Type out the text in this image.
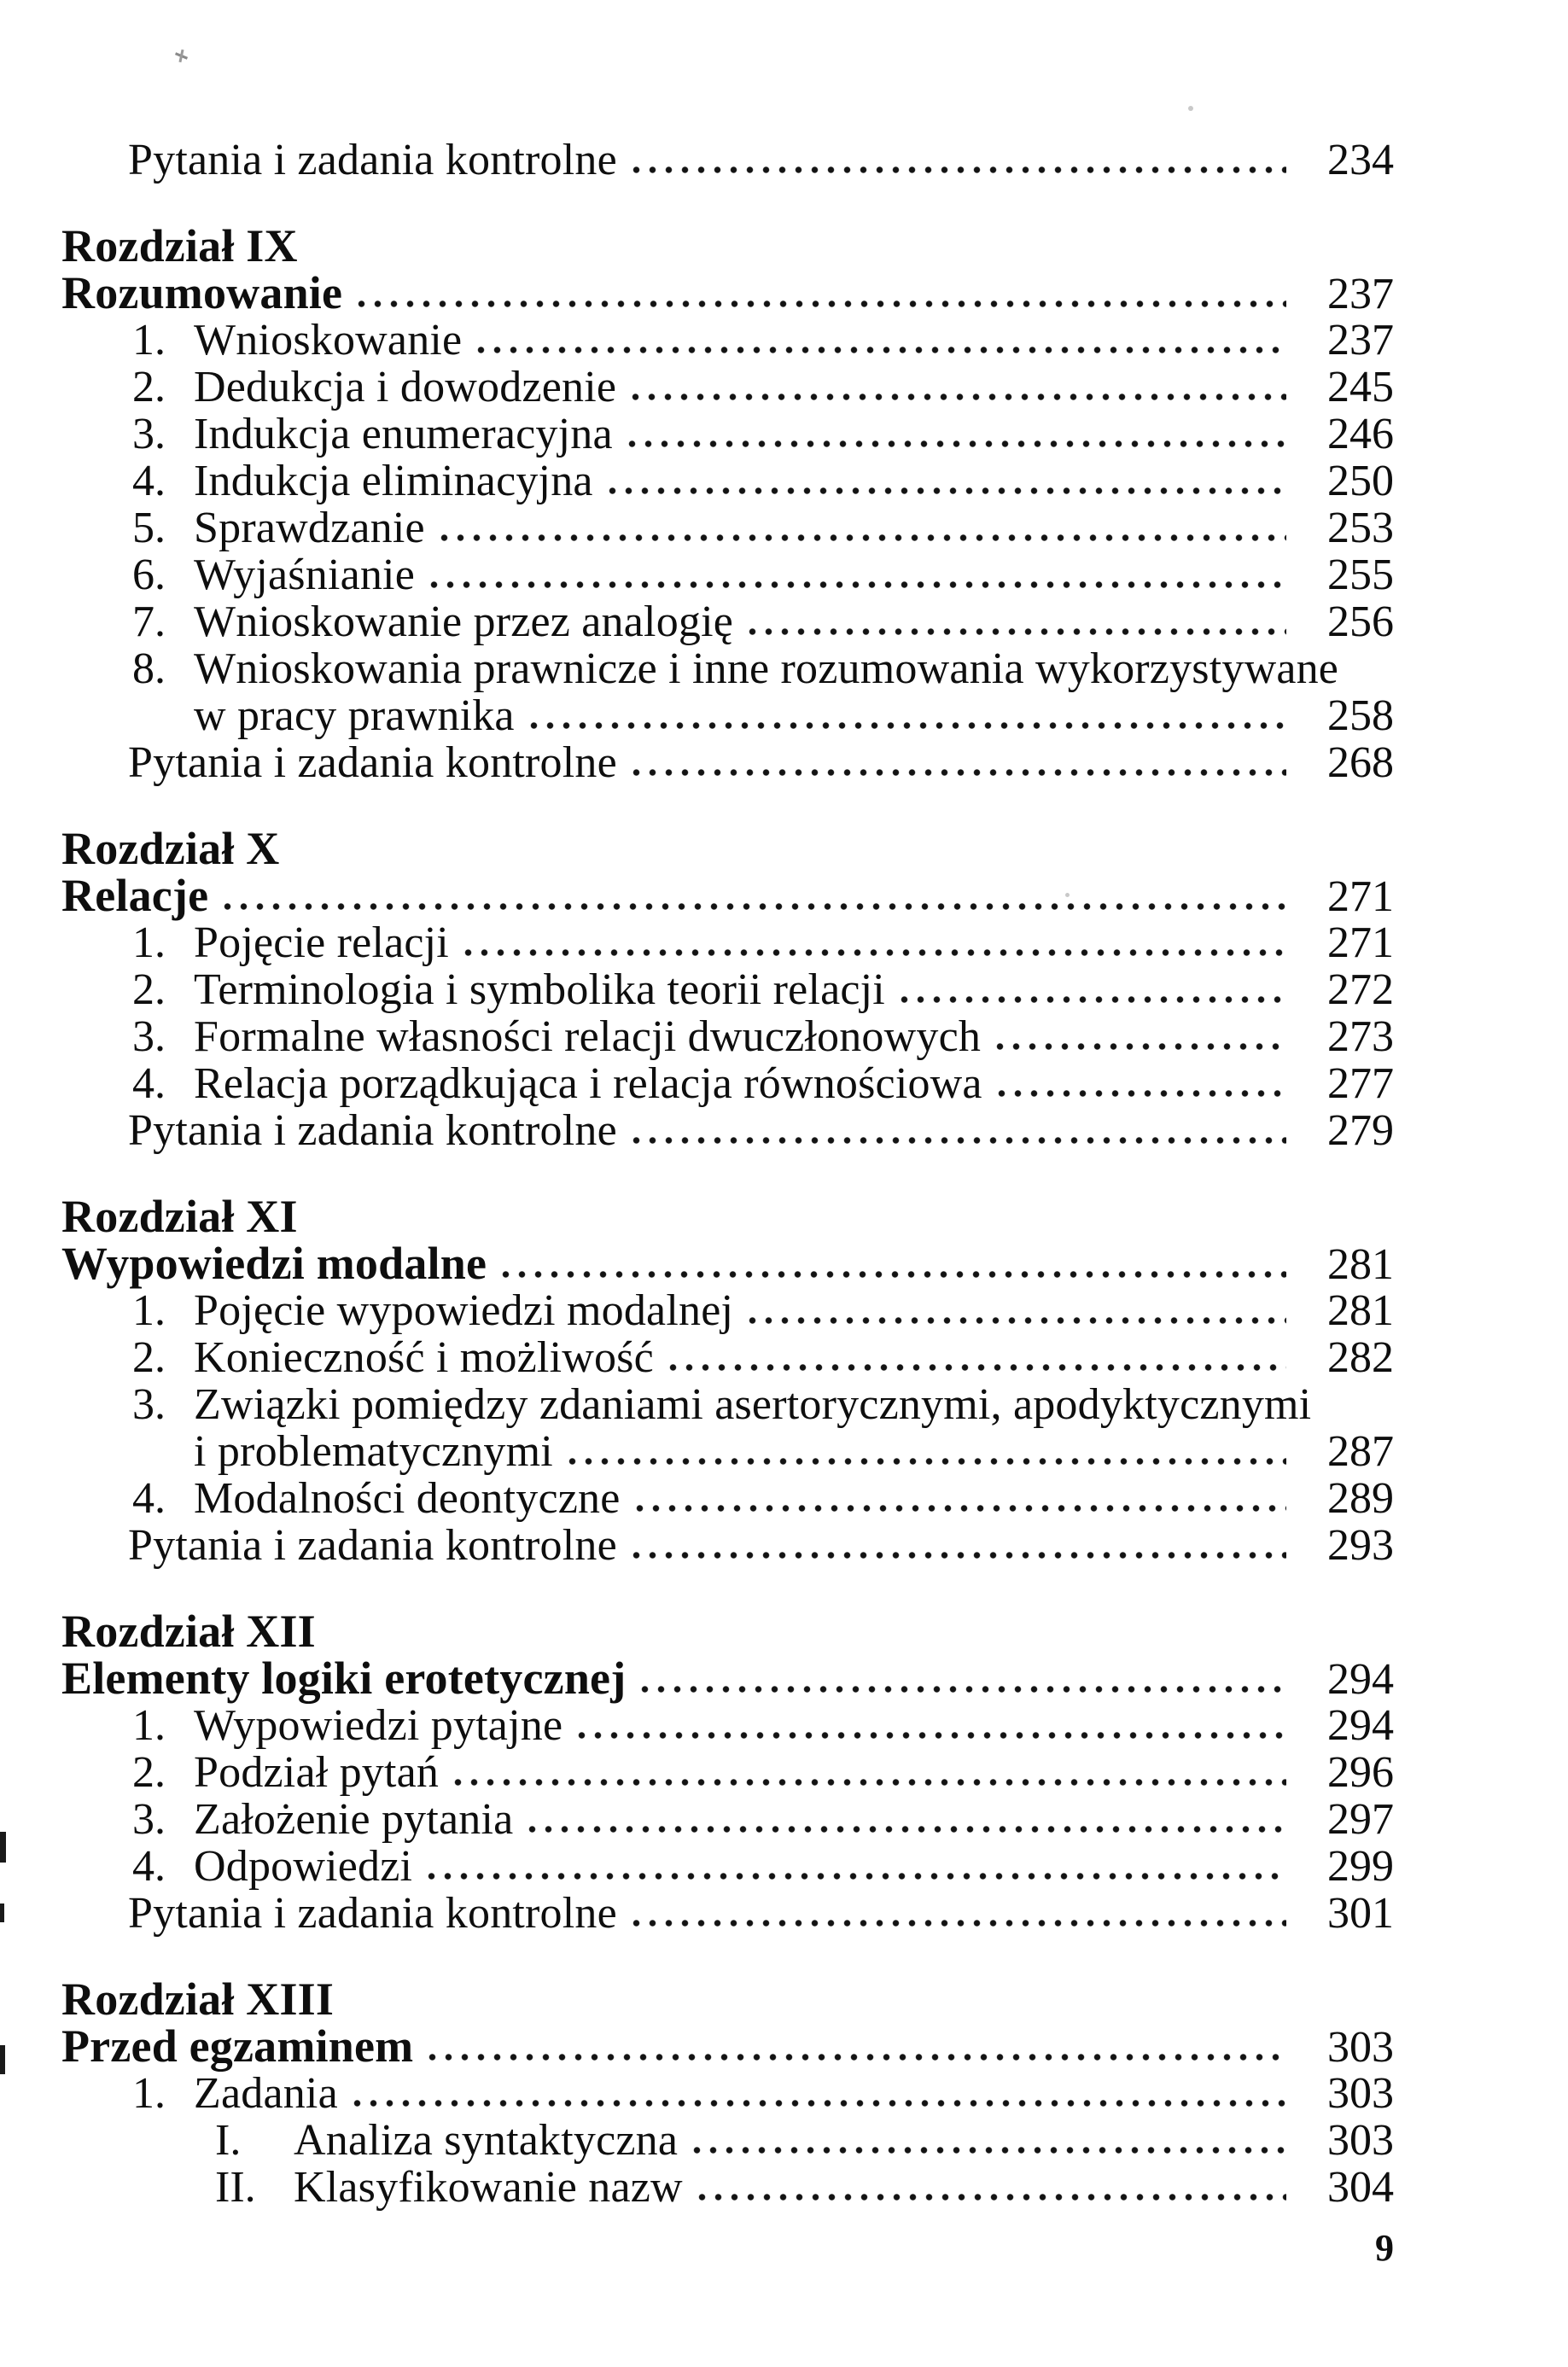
Pytania i zadania kontrolne	234
Rozdział IX
Rozumowanie	237
1. Wnioskowanie	237
2. Dedukcja i dowodzenie	245
3. Indukcja enumeracyjna	246
4. Indukcja eliminacyjna	250
5. Sprawdzanie	253
6. Wyjaśnianie	255
7. Wnioskowanie przez analogię	256
8. Wnioskowania prawnicze i inne rozumowania wykorzystywane
w pracy prawnika	258
Pytania i zadania kontrolne	268
Rozdział X
Relacje	271
1. Pojęcie relacji	271
2. Terminologia i symbolika teorii relacji	272
3. Formalne własności relacji dwuczłonowych	273
4. Relacja porządkująca i relacja równościowa	277
Pytania i zadania kontrolne	279
Rozdział XI
Wypowiedzi modalne	281
1. Pojęcie wypowiedzi modalnej	281
2. Konieczność i możliwość	282
3. Związki pomiędzy zdaniami asertorycznymi, apodyktycznymi
i problematycznymi	287
4. Modalności deontyczne	289
Pytania i zadania kontrolne	293
Rozdział XII
Elementy logiki erotetycznej	294
1. Wypowiedzi pytajne	294
2. Podział pytań	296
3. Założenie pytania	297
4. Odpowiedzi	299
Pytania i zadania kontrolne	301
Rozdział XIII
Przed egzaminem	303
1. Zadania	303
I.	Analiza syntaktyczna	303
II. Klasyfikowanie nazw	304
9
